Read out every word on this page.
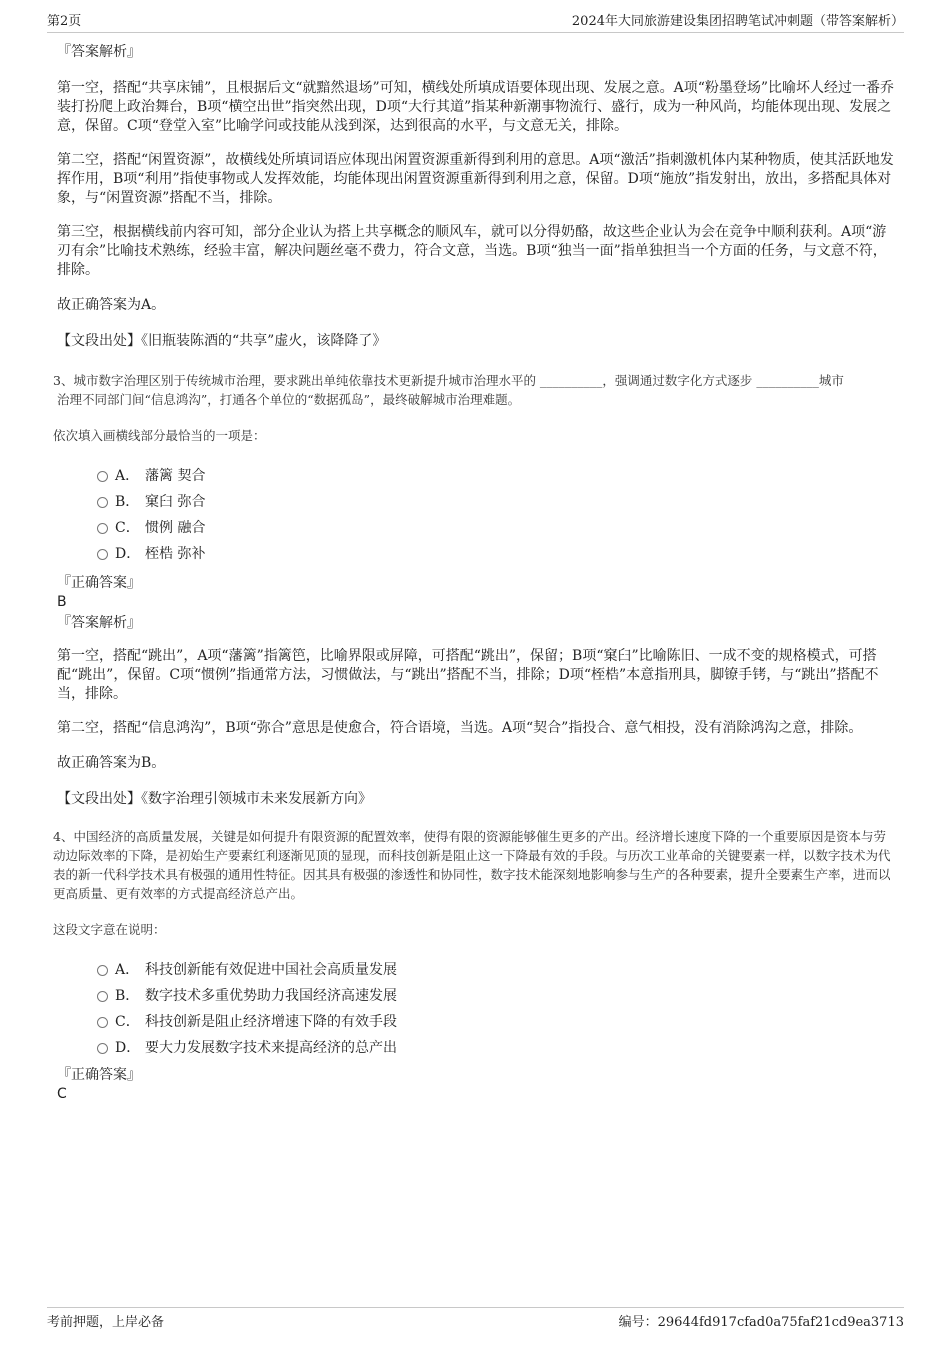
第2页	2024年大同旅游建设集团招聘笔试冲刺题（带答案解析）

『答案解析』

第一空，搭配“共享床铺”，且根据后文“就黯然退场”可知，横线处所填成语要体现出现、发展之意。A项“粉墨登场”比喻坏人经过一番乔装打扮爬上政治舞台，B项“横空出世”指突然出现，D项“大行其道”指某种新潮事物流行、盛行，成为一种风尚，均能体现出现、发展之意，保留。C项“登堂入室”比喻学问或技能从浅到深，达到很高的水平，与文意无关，排除。

第二空，搭配“闲置资源”，故横线处所填词语应体现出闲置资源重新得到利用的意思。A项“激活”指刺激机体内某种物质，使其活跃地发挥作用，B项“利用”指使事物或人发挥效能，均能体现出闲置资源重新得到利用之意，保留。D项“施放”指发射出，放出，多搭配具体对象，与“闲置资源”搭配不当，排除。

第三空，根据横线前内容可知，部分企业认为搭上共享概念的顺风车，就可以分得奶酪，故这些企业认为会在竞争中顺利获利。A项“游刃有余”比喻技术熟练，经验丰富，解决问题丝毫不费力，符合文意，当选。B项“独当一面”指单独担当一个方面的任务，与文意不符，排除。

故正确答案为A。

【文段出处】《旧瓶装陈酒的“共享”虚火，该降降了》

3、城市数字治理区别于传统城市治理，要求跳出单纯依靠技术更新提升城市治理水平的 __________，强调通过数字化方式逐步 __________城市

治理不同部门间“信息鸿沟”，打通各个单位的“数据孤岛”，最终破解城市治理难题。

依次填入画横线部分最恰当的一项是：

A． 藩篱 契合
B． 窠臼 弥合
C． 惯例 融合
D． 桎梏 弥补

『正确答案』

B

『答案解析』

第一空，搭配“跳出”，A项“藩篱”指篱笆，比喻界限或屏障，可搭配“跳出”，保留；B项“窠臼”比喻陈旧、一成不变的规格模式，可搭配“跳出”，保留。C项“惯例”指通常方法，习惯做法，与“跳出”搭配不当，排除；D项“桎梏”本意指刑具，脚镣手铐，与“跳出”搭配不当，排除。

第二空，搭配“信息鸿沟”，B项“弥合”意思是使愈合，符合语境，当选。A项“契合”指投合、意气相投，没有消除鸿沟之意，排除。

故正确答案为B。

【文段出处】《数字治理引领城市未来发展新方向》

4、中国经济的高质量发展，关键是如何提升有限资源的配置效率，使得有限的资源能够催生更多的产出。经济增长速度下降的一个重要原因是资本与劳动边际效率的下降，是初始生产要素红利逐渐见顶的显现，而科技创新是阻止这一下降最有效的手段。与历次工业革命的关键要素一样，以数字技术为代表的新一代科学技术具有极强的通用性特征。因其具有极强的渗透性和协同性，数字技术能深刻地影响参与生产的各种要素，提升全要素生产率，进而以更高质量、更有效率的方式提高经济总产出。

这段文字意在说明：

A． 科技创新能有效促进中国社会高质量发展
B． 数字技术多重优势助力我国经济高速发展
C． 科技创新是阻止经济增速下降的有效手段
D． 要大力发展数字技术来提高经济的总产出

『正确答案』

C

考前押题，上岸必备	编号：29644fd917cfad0a75faf21cd9ea3713
